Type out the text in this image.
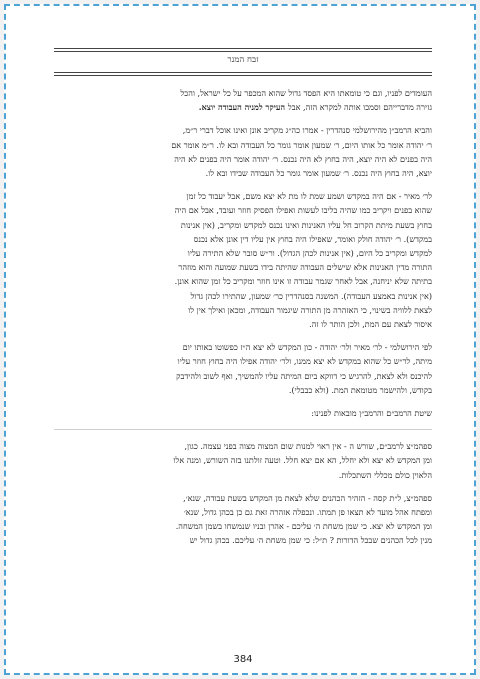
זבח המנר
העומדים לפניו, וגם כי טומאתו היא הפסד גדול שהוא המכפר על כל ישראל, והכל
גזירה מדברייהם וסמכו אותה למקרא הזה, אבל העיקר למניה העבודה יוצא.
והביא הרמב״ן מהירושלמי סנהדרין - אמרו כה״ג מקריב אונן ואינו אוכל דברי ר״מ,
ר׳ יהודה אומר כל אותו היום, ר׳ שמעון אומר גומר כל העבודה ובא לו. ר״מ אומר אם
היה בפנים לא היה יוצא, היה בחוץ לא היה נכנס. ר׳ יהודה אומר היה בפנים לא היה
יוצא, היה בחוץ היה נכנס. ר׳ שמעון אומר גומר כל העבודה שבידו ובא לו.
לר׳ מאיר - אם היה במקדש ושמע שמת לו מת לא יצא משם, אבל יעבוד כל זמן
שהוא בפנים ויקריב כמו שהיה בליבו לעשות ואפילו הפסיק חוזר ועובד, אבל אם היה
בחוץ בשעת מיתת הקרוב חל עליו האנינות ואינו נכנס למקדש ומקריב, (אין אנינות
במקדש). ר׳ יהודה חולק ואומר, שאפילו היה בחוץ אין עליו דין אונן אלא נכנס
למקדש ומקריב כל היום, (אין אנינות לכהן הגדול). ור״ש סובר שלא התירה עליו
התורה מדין האנינות אלא שישלים העבודה שהיתה בידו בשעת שמועה והוא מוזהר
בתיתה שלא יניחנה, אבל לאחר שגמר עבודה זו אינו חוזר ומקריב כל זמן שהוא אונן.
(אין אנינות באמצע העבודה). המשנה בסנהדרין כר׳ שמעון, שהתירו לכהן גדול
לצאת ללוויה בשינוי, כי האזהרה מן התורה שיגמור העבודה, ומכאן ואילך אין לו
איסור לצאת עם המת, ולכן הותר לו זה.
לפי הירושלמי - לר׳ מאיר ולר׳ יהודה - כון המקדש לא יצא ה״ז כפשוטו באותו יום
מיתה, לר״ש כל שהוא במקדש לא יצא ממנו, ולר׳ יהודה אפילו היה בחוץ חוזר עליו
להיכנס ולא לצאת, להרגיש כי דווקא ביום המיתה עליו להמשיך, ואף לשוב ולהידבק
בקודש, ולהישמר מטומאת המת. (ולא כבבלי).
שיטת הרמב״ם והרמב״ן מובאות לפנינו:
ספהמ״צ לרמב״ם, שורש ה - אין ראוי למנות שום המצוה מצוה בפני עצמה. כגון,
ומן המקדש לא יצא ולא יחלל, הא אם יצא חלל. וטעה זולתנו בזה השורש, ומנה אלו
הלאוין כולם מכללי השתכלות.
ספהמ״צ, ל״ת קסה - הזהיר הכהנים שלא לצאת מן המקדש בשעת עבודה, שנא׳,
ומפתח אהל מועד לא תצאו פן תמתו. ונכפלה אזהרה זאת גם כן בכהן גדול, שנא׳
ומן המקדש לא יצא. כי שמן משחת ה׳ עליכם - אהרן ובניו שנמשחו בשמן המשחה.
מנין לכל הכהנים שבכל הדורות ? ת״ל: כי שמן משחת ה׳ עליכם. בכהן גדול יש
384
